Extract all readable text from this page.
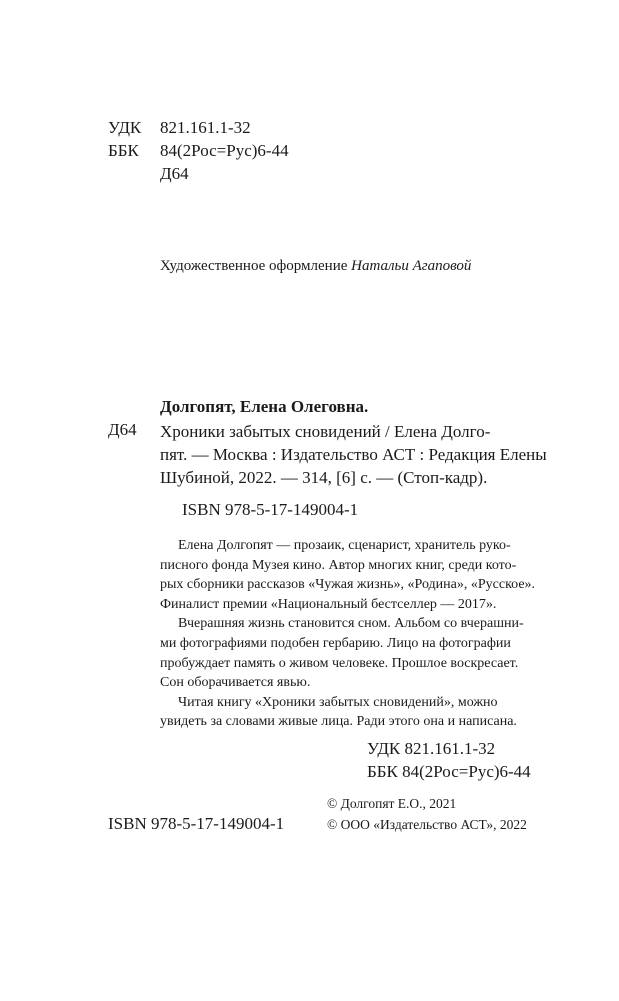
УДК 821.161.1-32
ББК 84(2Рос=Рус)6-44
Д64
Художественное оформление Натальи Агаповой
Долгопят, Елена Олеговна.
Д64 Хроники забытых сновидений / Елена Долго-
пят. — Москва : Издательство АСТ : Редакция Елены
Шубиной, 2022. — 314, [6] с. — (Стоп-кадр).
ISBN 978-5-17-149004-1
Елена Долгопят — прозаик, сценарист, хранитель руко-
писного фонда Музея кино. Автор многих книг, среди кото-
рых сборники рассказов «Чужая жизнь», «Родина», «Русское».
Финалист премии «Национальный бестселлер — 2017».
Вчерашняя жизнь становится сном. Альбом со вчерашни-
ми фотографиями подобен гербарию. Лицо на фотографии
пробуждает память о живом человеке. Прошлое воскресает.
Сон оборачивается явью.
Читая книгу «Хроники забытых сновидений», можно
увидеть за словами живые лица. Ради этого она и написана.
УДК 821.161.1-32
ББК 84(2Рос=Рус)6-44
© Долгопят Е.О., 2021
ISBN 978-5-17-149004-1	© ООО «Издательство АСТ», 2022
